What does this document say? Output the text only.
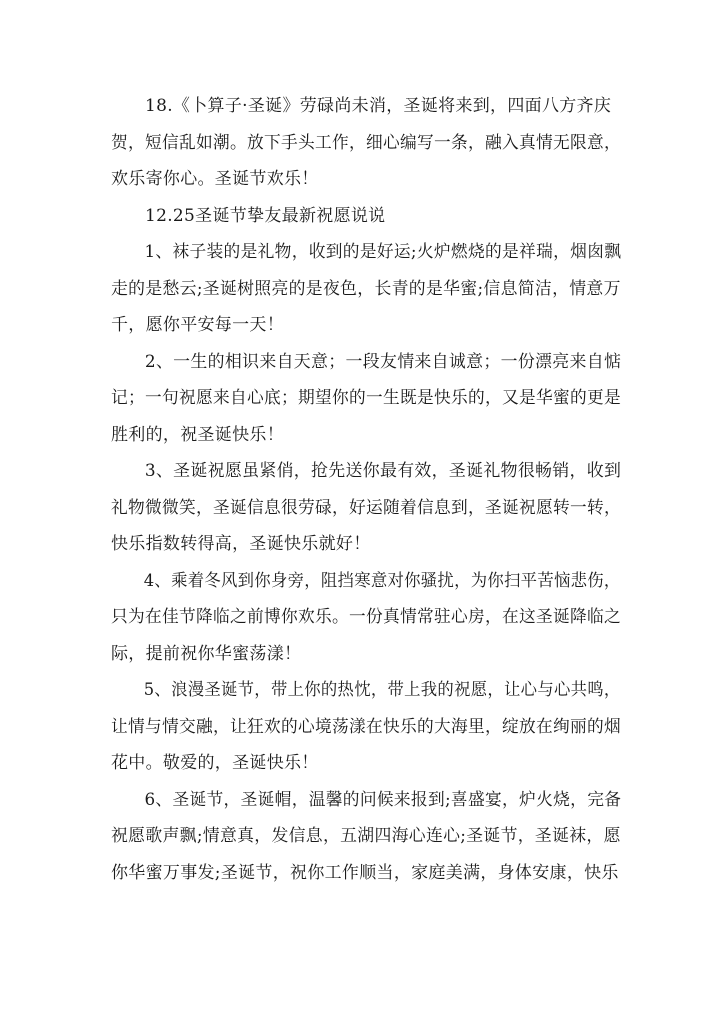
18.《卜算子·圣诞》劳碌尚未消，圣诞将来到，四面八方齐庆
贺，短信乱如潮。放下手头工作，细心编写一条，融入真情无限意，
欢乐寄你心。圣诞节欢乐！
12.25圣诞节挚友最新祝愿说说
1、袜子装的是礼物，收到的是好运;火炉燃烧的是祥瑞，烟囱飘
走的是愁云;圣诞树照亮的是夜色，长青的是华蜜;信息简洁，情意万
千，愿你平安每一天！
2、一生的相识来自天意；一段友情来自诚意；一份漂亮来自惦
记；一句祝愿来自心底；期望你的一生既是快乐的，又是华蜜的更是
胜利的，祝圣诞快乐！
3、圣诞祝愿虽紧俏，抢先送你最有效，圣诞礼物很畅销，收到
礼物微微笑，圣诞信息很劳碌，好运随着信息到，圣诞祝愿转一转，
快乐指数转得高，圣诞快乐就好！
4、乘着冬风到你身旁，阻挡寒意对你骚扰，为你扫平苦恼悲伤，
只为在佳节降临之前博你欢乐。一份真情常驻心房，在这圣诞降临之
际，提前祝你华蜜荡漾！
5、浪漫圣诞节，带上你的热忱，带上我的祝愿，让心与心共鸣，
让情与情交融，让狂欢的心境荡漾在快乐的大海里，绽放在绚丽的烟
花中。敬爱的，圣诞快乐！
6、圣诞节，圣诞帽，温馨的问候来报到;喜盛宴，炉火烧，完备
祝愿歌声飘;情意真，发信息，五湖四海心连心;圣诞节，圣诞袜，愿
你华蜜万事发;圣诞节，祝你工作顺当，家庭美满，身体安康，快乐
